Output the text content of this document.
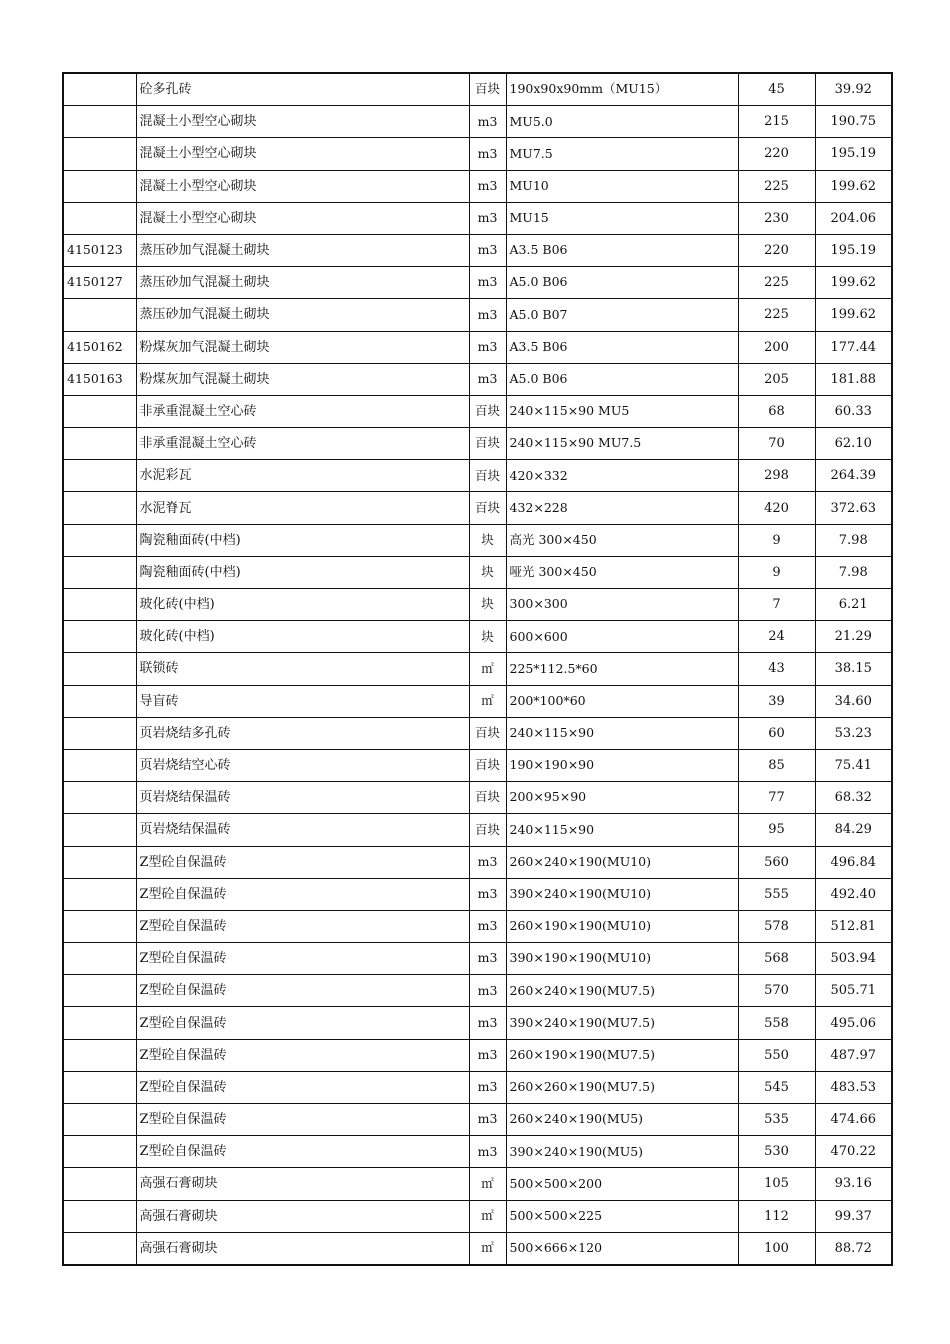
	砼多孔砖	百块	190x90x90mm（MU15）	45	39.92
	混凝土小型空心砌块	m3	MU5.0	215	190.75
	混凝土小型空心砌块	m3	MU7.5	220	195.19
	混凝土小型空心砌块	m3	MU10	225	199.62
	混凝土小型空心砌块	m3	MU15	230	204.06
4150123	蒸压砂加气混凝土砌块	m3	A3.5 B06	220	195.19
4150127	蒸压砂加气混凝土砌块	m3	A5.0 B06	225	199.62
	蒸压砂加气混凝土砌块	m3	A5.0 B07	225	199.62
4150162	粉煤灰加气混凝土砌块	m3	A3.5 B06	200	177.44
4150163	粉煤灰加气混凝土砌块	m3	A5.0 B06	205	181.88
	非承重混凝土空心砖	百块	240×115×90 MU5	68	60.33
	非承重混凝土空心砖	百块	240×115×90 MU7.5	70	62.10
	水泥彩瓦	百块	420×332	298	264.39
	水泥脊瓦	百块	432×228	420	372.63
	陶瓷釉面砖(中档)	块	高光 300×450	9	7.98
	陶瓷釉面砖(中档)	块	哑光 300×450	9	7.98
	玻化砖(中档)	块	300×300	7	6.21
	玻化砖(中档)	块	600×600	24	21.29
	联锁砖	㎡	225*112.5*60	43	38.15
	导盲砖	㎡	200*100*60	39	34.60
	页岩烧结多孔砖	百块	240×115×90	60	53.23
	页岩烧结空心砖	百块	190×190×90	85	75.41
	页岩烧结保温砖	百块	200×95×90	77	68.32
	页岩烧结保温砖	百块	240×115×90	95	84.29
	Z型砼自保温砖	m3	260×240×190(MU10)	560	496.84
	Z型砼自保温砖	m3	390×240×190(MU10)	555	492.40
	Z型砼自保温砖	m3	260×190×190(MU10)	578	512.81
	Z型砼自保温砖	m3	390×190×190(MU10)	568	503.94
	Z型砼自保温砖	m3	260×240×190(MU7.5)	570	505.71
	Z型砼自保温砖	m3	390×240×190(MU7.5)	558	495.06
	Z型砼自保温砖	m3	260×190×190(MU7.5)	550	487.97
	Z型砼自保温砖	m3	260×260×190(MU7.5)	545	483.53
	Z型砼自保温砖	m3	260×240×190(MU5)	535	474.66
	Z型砼自保温砖	m3	390×240×190(MU5)	530	470.22
	高强石膏砌块	㎡	500×500×200	105	93.16
	高强石膏砌块	㎡	500×500×225	112	99.37
	高强石膏砌块	㎡	500×666×120	100	88.72
